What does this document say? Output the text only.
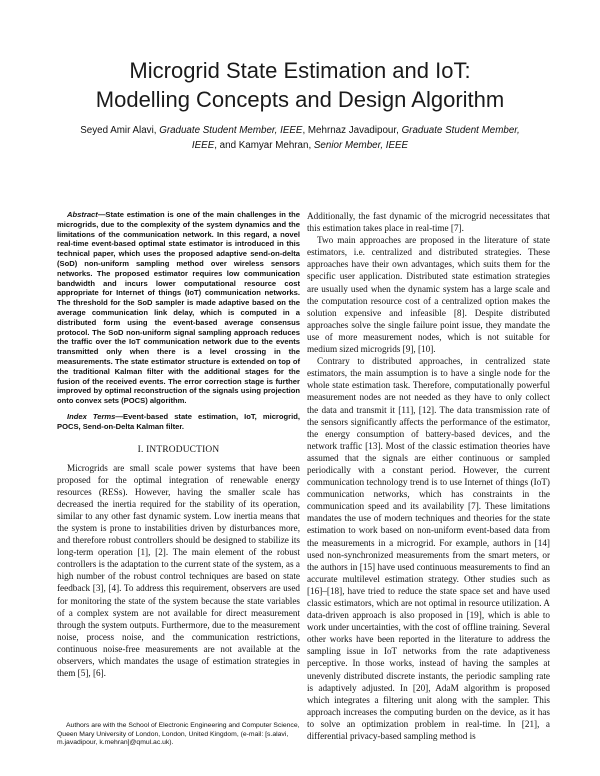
Microgrid State Estimation and IoT:
Modelling Concepts and Design Algorithm
Seyed Amir Alavi, Graduate Student Member, IEEE, Mehrnaz Javadipour, Graduate Student Member,
IEEE, and Kamyar Mehran, Senior Member, IEEE

Abstract—State estimation is one of the main challenges in the microgrids, due to the complexity of the system dynamics and the limitations of the communication network. In this regard, a novel real-time event-based optimal state estimator is introduced in this technical paper, which uses the proposed adaptive send-on-delta (SoD) non-uniform sampling method over wireless sensors networks. The proposed estimator requires low communication bandwidth and incurs lower computational resource cost appropriate for Internet of things (IoT) communication networks. The threshold for the SoD sampler is made adaptive based on the average communication link delay, which is computed in a distributed form using the event-based average consensus protocol. The SoD non-uniform signal sampling approach reduces the traffic over the IoT communication network due to the events transmitted only when there is a level crossing in the measurements. The state estimator structure is extended on top of the traditional Kalman filter with the additional stages for the fusion of the received events. The error correction stage is further improved by optimal reconstruction of the signals using projection onto convex sets (POCS) algorithm.

Index Terms—Event-based state estimation, IoT, microgrid, POCS, Send-on-Delta Kalman filter.

I. INTRODUCTION

Microgrids are small scale power systems that have been proposed for the optimal integration of renewable energy resources (RESs). However, having the smaller scale has decreased the inertia required for the stability of its operation, similar to any other fast dynamic system. Low inertia means that the system is prone to instabilities driven by disturbances more, and therefore robust controllers should be designed to stabilize its long-term operation [1], [2]. The main element of the robust controllers is the adaptation to the current state of the system, as a high number of the robust control techniques are based on state feedback [3], [4]. To address this requirement, observers are used for monitoring the state of the system because the state variables of a complex system are not available for direct measurement through the system outputs. Furthermore, due to the measurement noise, process noise, and the communication restrictions, continuous noise-free measurements are not available at the observers, which mandates the usage of estimation strategies in them [5], [6].

Authors are with the School of Electronic Engineering and Computer Science, Queen Mary University of London, London, United Kingdom, (e-mail: [s.alavi, m.javadipour, k.mehran]@qmul.ac.uk).

Additionally, the fast dynamic of the microgrid necessitates that this estimation takes place in real-time [7].

Two main approaches are proposed in the literature of state estimators, i.e. centralized and distributed strategies. These approaches have their own advantages, which suits them for the specific user application. Distributed state estimation strategies are usually used when the dynamic system has a large scale and the computation resource cost of a centralized option makes the solution expensive and infeasible [8]. Despite distributed approaches solve the single failure point issue, they mandate the use of more measurement nodes, which is not suitable for medium sized microgrids [9], [10].

Contrary to distributed approaches, in centralized state estimators, the main assumption is to have a single node for the whole state estimation task. Therefore, computationally powerful measurement nodes are not needed as they have to only collect the data and transmit it [11], [12]. The data transmission rate of the sensors significantly affects the performance of the estimator, the energy consumption of battery-based devices, and the network traffic [13]. Most of the classic estimation theories have assumed that the signals are either continuous or sampled periodically with a constant period. However, the current communication technology trend is to use Internet of things (IoT) communication networks, which has constraints in the communication speed and its availability [7]. These limitations mandates the use of modern techniques and theories for the state estimation to work based on non-uniform event-based data from the measurements in a microgrid. For example, authors in [14] used non-synchronized measurements from the smart meters, or the authors in [15] have used continuous measurements to find an accurate multilevel estimation strategy. Other studies such as [16]–[18], have tried to reduce the state space set and have used classic estimators, which are not optimal in resource utilization. A data-driven approach is also proposed in [19], which is able to work under uncertainties, with the cost of offline training. Several other works have been reported in the literature to address the sampling issue in IoT networks from the rate adaptiveness perceptive. In those works, instead of having the samples at unevenly distributed discrete instants, the periodic sampling rate is adaptively adjusted. In [20], AdaM algorithm is proposed which integrates a filtering unit along with the sampler. This approach increases the computing burden on the device, as it has to solve an optimization problem in real-time. In [21], a differential privacy-based sampling method is
